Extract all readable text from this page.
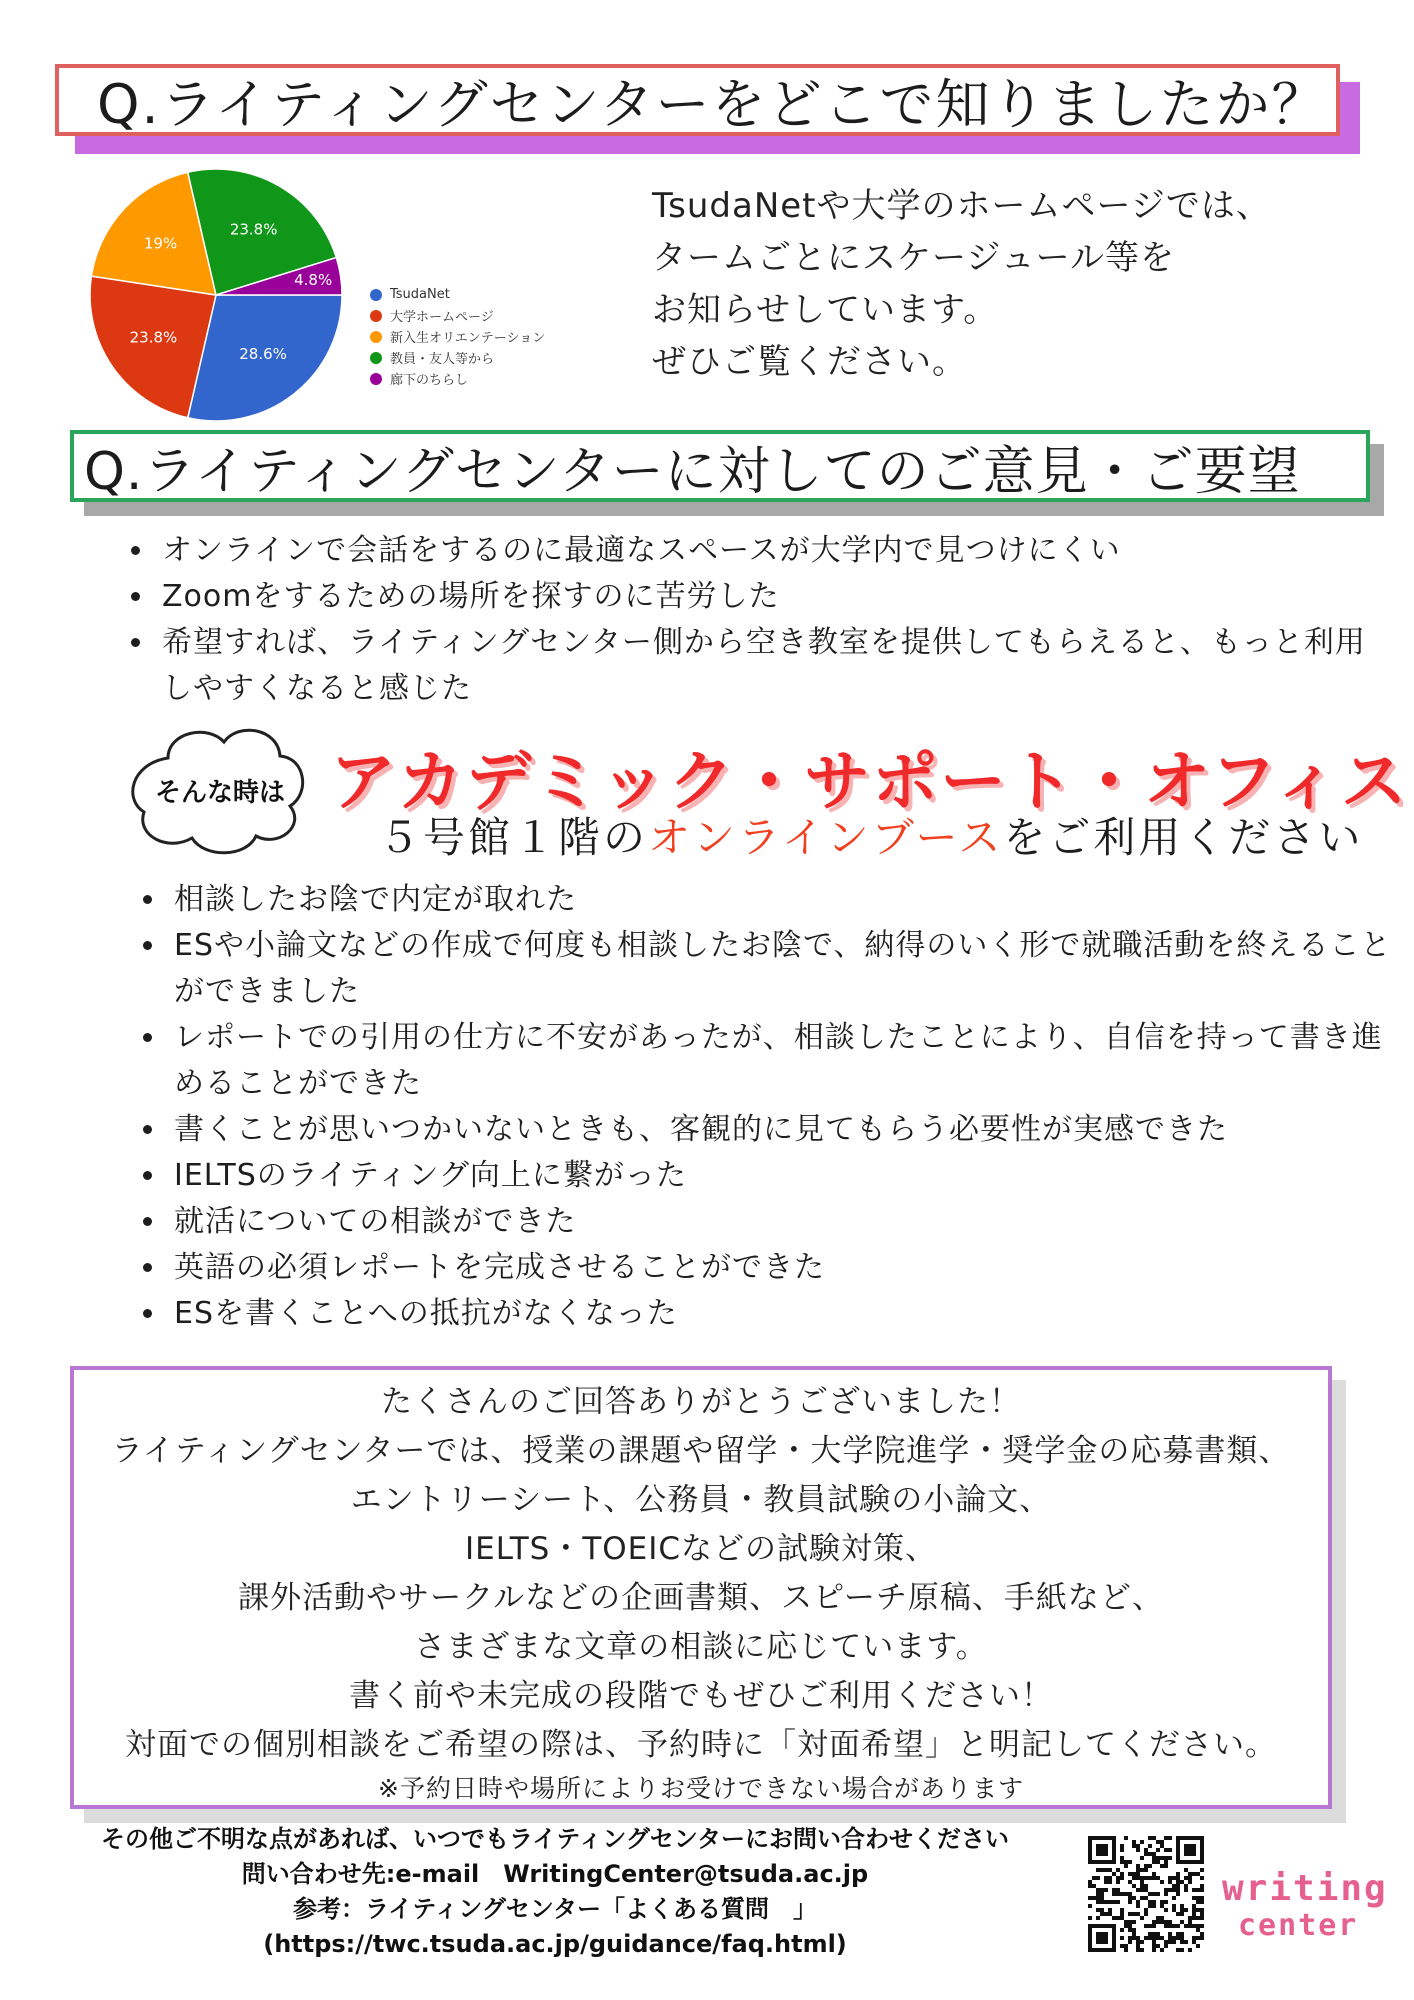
Q.ライティングセンターをどこで知りましたか？
28.6%
23.8%
19%
23.8%
4.8%
TsudaNet
大学ホームページ
新入生オリエンテーション
教員・友人等から
廊下のちらし
TsudaNetや大学のホームページでは、
タームごとにスケージュール等を
お知らせしています。
ぜひご覧ください。
Q.ライティングセンターに対してのご意見・ご要望
• オンラインで会話をするのに最適なスペースが大学内で見つけにくい
• Zoomをするための場所を探すのに苦労した
• 希望すれば、ライティングセンター側から空き教室を提供してもらえると、もっと利用しやすくなると感じた
そんな時は アカデミック・サポート・オフィス
５号館１階のオンラインブースをご利用ください
• 相談したお陰で内定が取れた
• ESや小論文などの作成で何度も相談したお陰で、納得のいく形で就職活動を終えることができました
• レポートでの引用の仕方に不安があったが、相談したことにより、自信を持って書き進めることができた
• 書くことが思いつかいないときも、客観的に見てもらう必要性が実感できた
• IELTSのライティング向上に繋がった
• 就活についての相談ができた
• 英語の必須レポートを完成させることができた
• ESを書くことへの抵抗がなくなった

たくさんのご回答ありがとうございました！

ライティングセンターでは、授業の課題や留学・大学院進学・奨学金の応募書類、

エントリーシート、公務員・教員試験の小論文、

IELTS・TOEICなどの試験対策、

課外活動やサークルなどの企画書類、スピーチ原稿、手紙など、

さまざまな文章の相談に応じています。

書く前や未完成の段階でもぜひご利用ください！

対面での個別相談をご希望の際は、予約時に「対面希望」と明記してください。

※予約日時や場所によりお受けできない場合があります

その他ご不明な点があれば、いつでもライティングセンターにお問い合わせください
問い合わせ先:e-mail　WritingCenter@tsuda.ac.jp
参考：ライティングセンター「よくある質問　」
(https://twc.tsuda.ac.jp/guidance/faq.html)
writing
center
